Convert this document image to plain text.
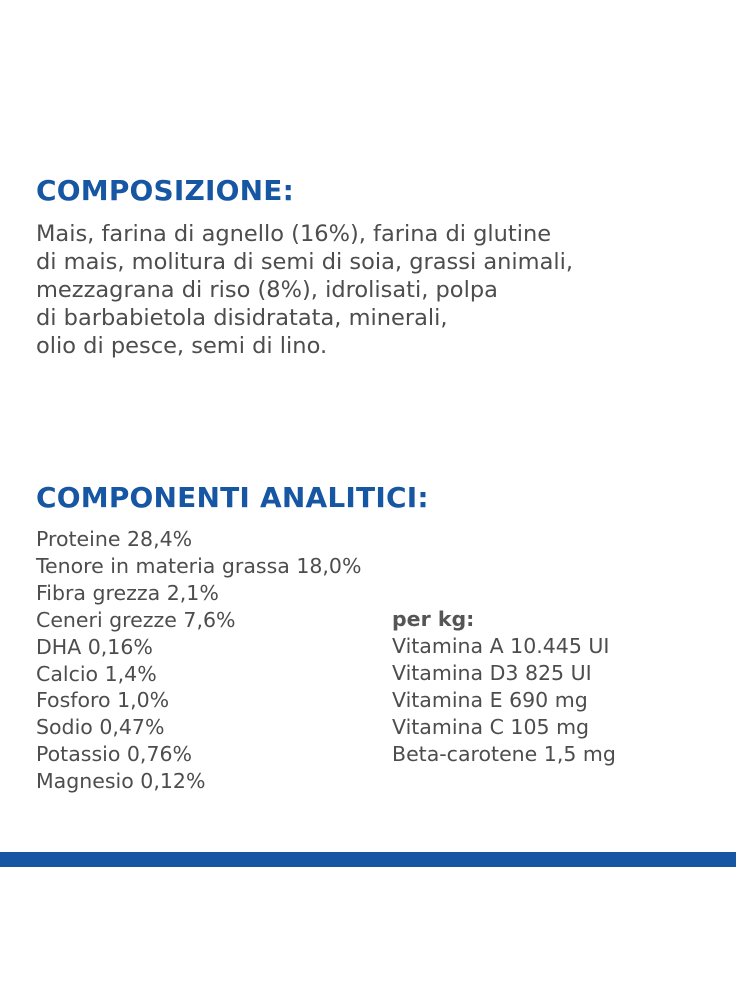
COMPOSIZIONE:
Mais, farina di agnello (16%), farina di glutine
di mais, molitura di semi di soia, grassi animali,
mezzagrana di riso (8%), idrolisati, polpa
di barbabietola disidratata, minerali,
olio di pesce, semi di lino.
COMPONENTI ANALITICI:
Proteine 28,4%
Tenore in materia grassa 18,0%
Fibra grezza 2,1%
Ceneri grezze 7,6%
DHA 0,16%
Calcio 1,4%
Fosforo 1,0%
Sodio 0,47%
Potassio 0,76%
Magnesio 0,12%
per kg:
Vitamina A 10.445 UI
Vitamina D3 825 UI
Vitamina E 690 mg
Vitamina C 105 mg
Beta-carotene 1,5 mg
